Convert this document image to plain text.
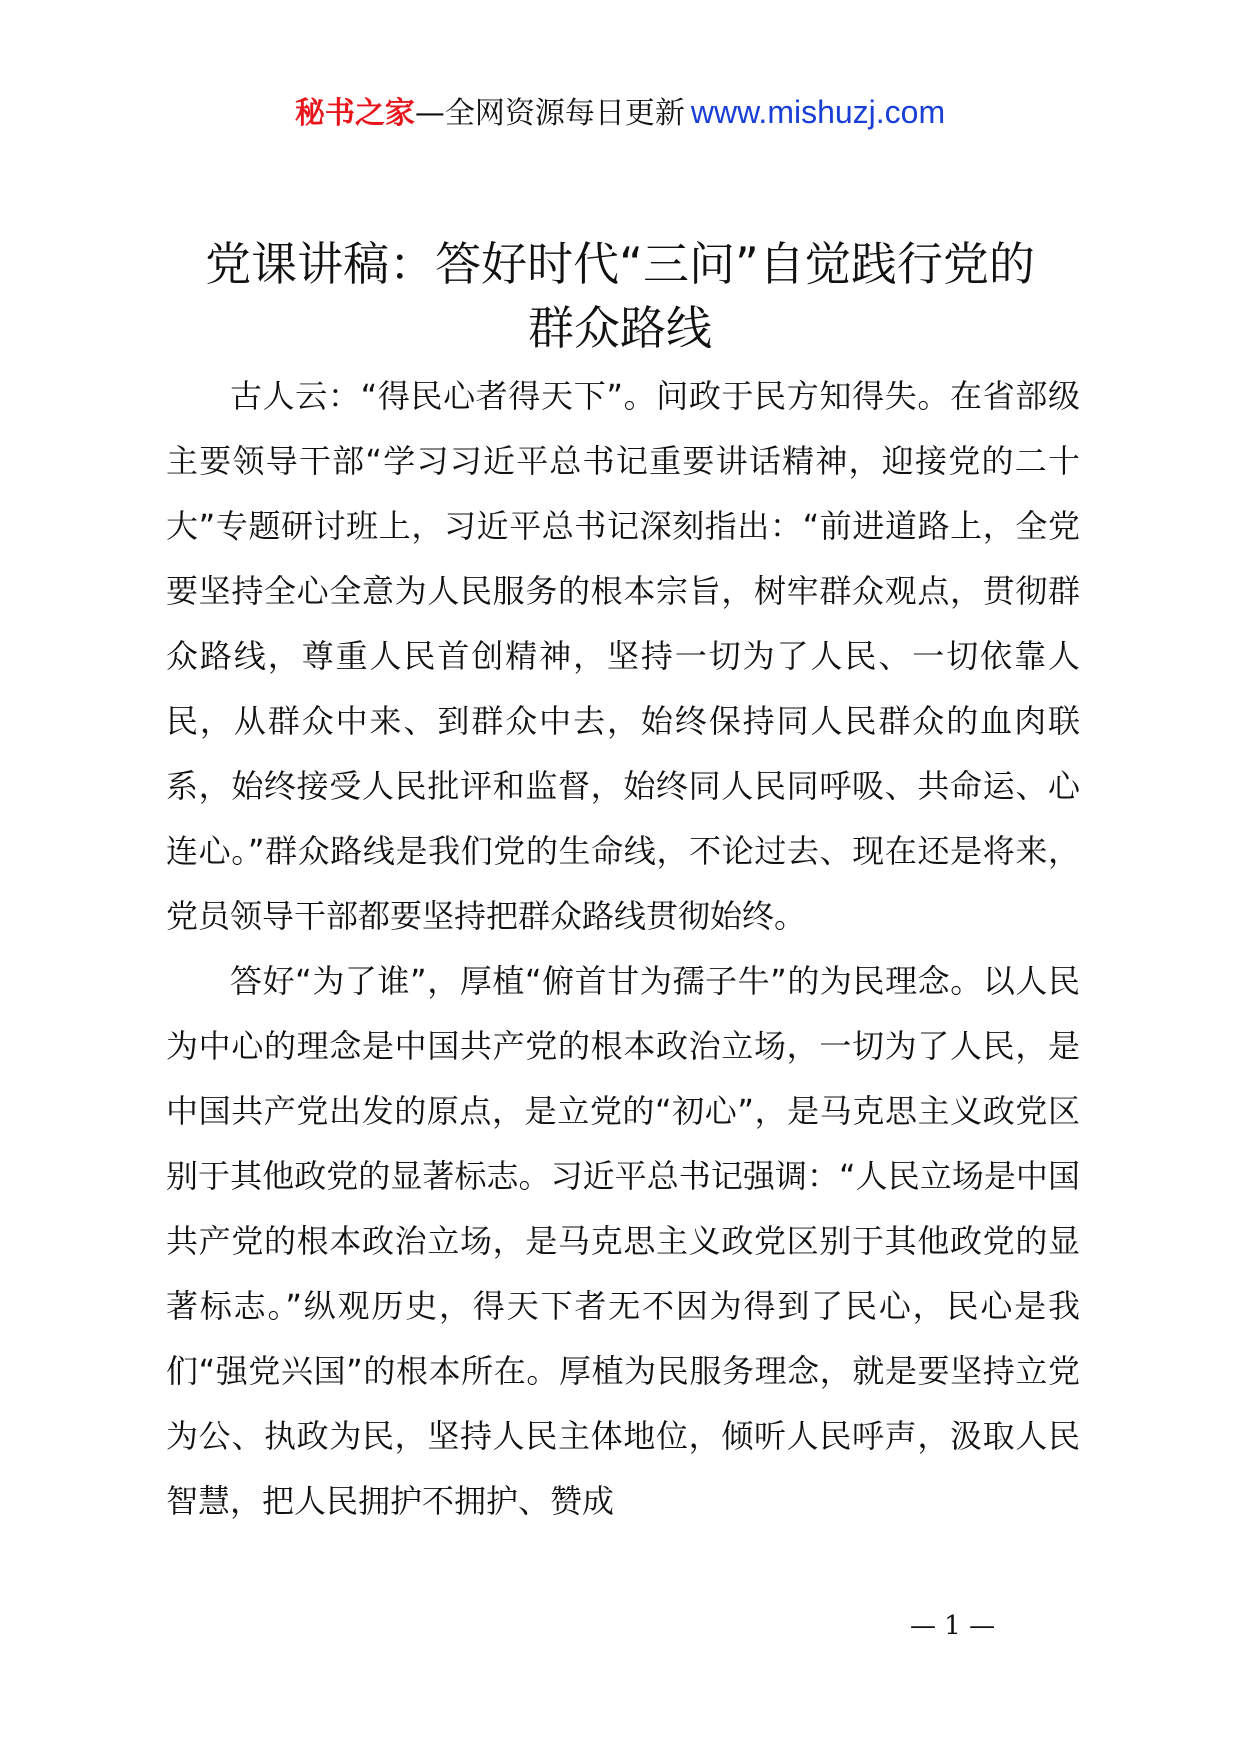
秘书之家—全网资源每日更新 www.mishuzj.com
党课讲稿：答好时代“三问”自觉践行党的
群众路线

古人云：“得民心者得天下”。问政于民方知得失。在省部级主要领导干部“学习习近平总书记重要讲话精神，迎接党的二十大”专题研讨班上，习近平总书记深刻指出：“前进道路上，全党要坚持全心全意为人民服务的根本宗旨，树牢群众观点，贯彻群众路线，尊重人民首创精神，坚持一切为了人民、一切依靠人民，从群众中来、到群众中去，始终保持同人民群众的血肉联系，始终接受人民批评和监督，始终同人民同呼吸、共命运、心连心。”群众路线是我们党的生命线，不论过去、现在还是将来，党员领导干部都要坚持把群众路线贯彻始终。

答好“为了谁”，厚植“俯首甘为孺子牛”的为民理念。以人民为中心的理念是中国共产党的根本政治立场，一切为了人民，是中国共产党出发的原点，是立党的“初心”，是马克思主义政党区别于其他政党的显著标志。习近平总书记强调：“人民立场是中国共产党的根本政治立场，是马克思主义政党区别于其他政党的显著标志。”纵观历史，得天下者无不因为得到了民心，民心是我们“强党兴国”的根本所在。厚植为民服务理念，就是要坚持立党为公、执政为民，坚持人民主体地位，倾听人民呼声，汲取人民智慧，把人民拥护不拥护、赞成

— 1 —
